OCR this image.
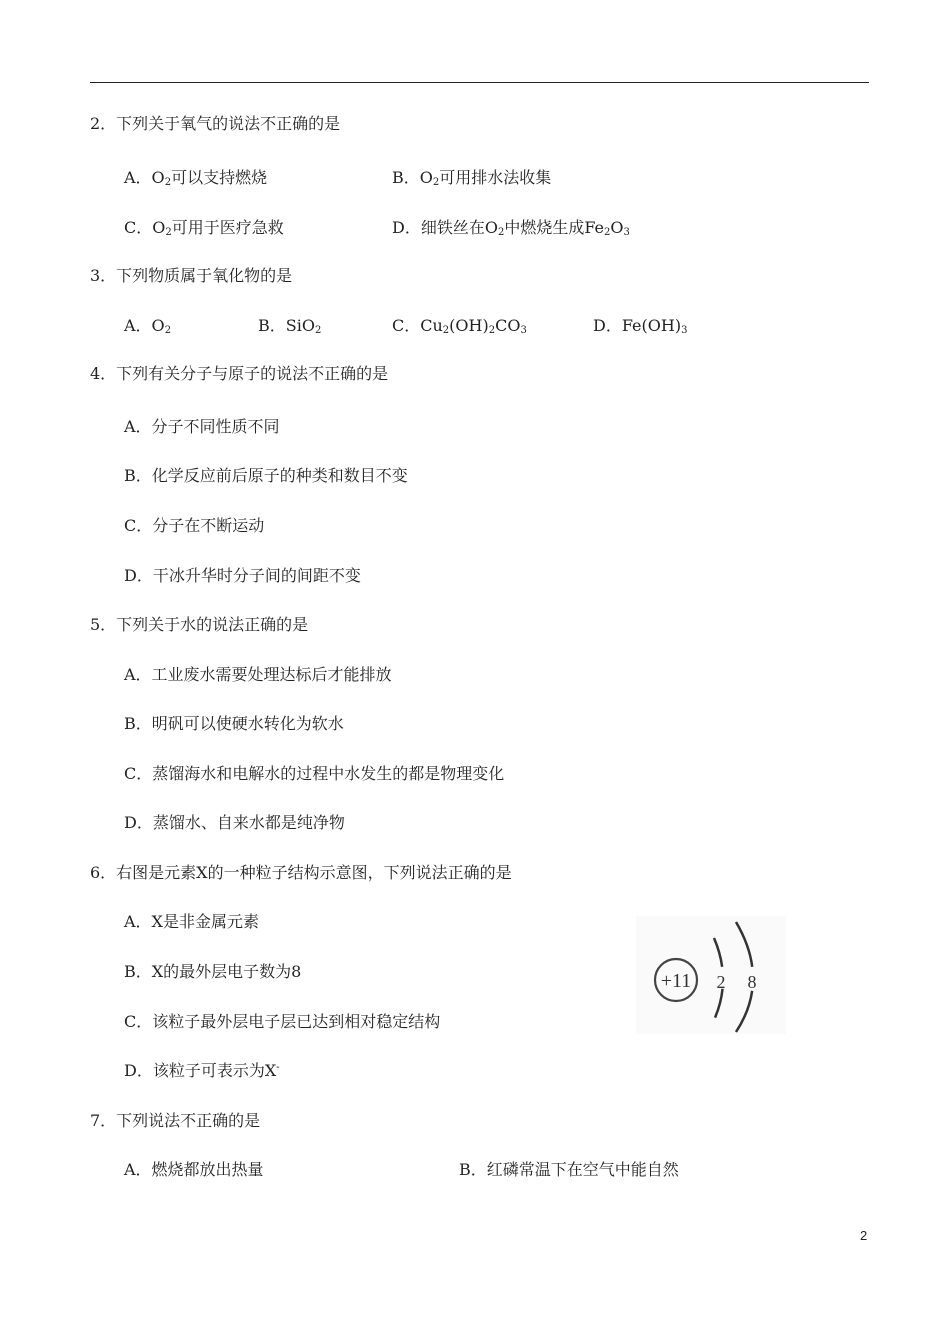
2．下列关于氧气的说法不正确的是
A．$O_2$可以支持燃烧	B．$O_2$可用排水法收集
C．$O_2$可用于医疗急救	D．细铁丝在$O_2$中燃烧生成$Fe_2O_3$
3．下列物质属于氧化物的是
A．$O_2$	B．SiO$_2$	C．$Cu_2(OH)_2CO_3$	D．$Fe(OH)_3$
4．下列有关分子与原子的说法不正确的是
A．分子不同性质不同
B．化学反应前后原子的种类和数目不变
C．分子在不断运动
D．干冰升华时分子间的间距不变
5．下列关于水的说法正确的是
A．工业废水需要处理达标后才能排放
B．明矾可以使硬水转化为软水
C．蒸馏海水和电解水的过程中水发生的都是物理变化
D．蒸馏水、自来水都是纯净物
6．右图是元素X的一种粒子结构示意图，下列说法正确的是
A．X是非金属元素
B．X的最外层电子数为8
C．该粒子最外层电子层已达到相对稳定结构
D．该粒子可表示为X-
+11 2 8
7．下列说法不正确的是
A．燃烧都放出热量	B．红磷常温下在空气中能自然
2
